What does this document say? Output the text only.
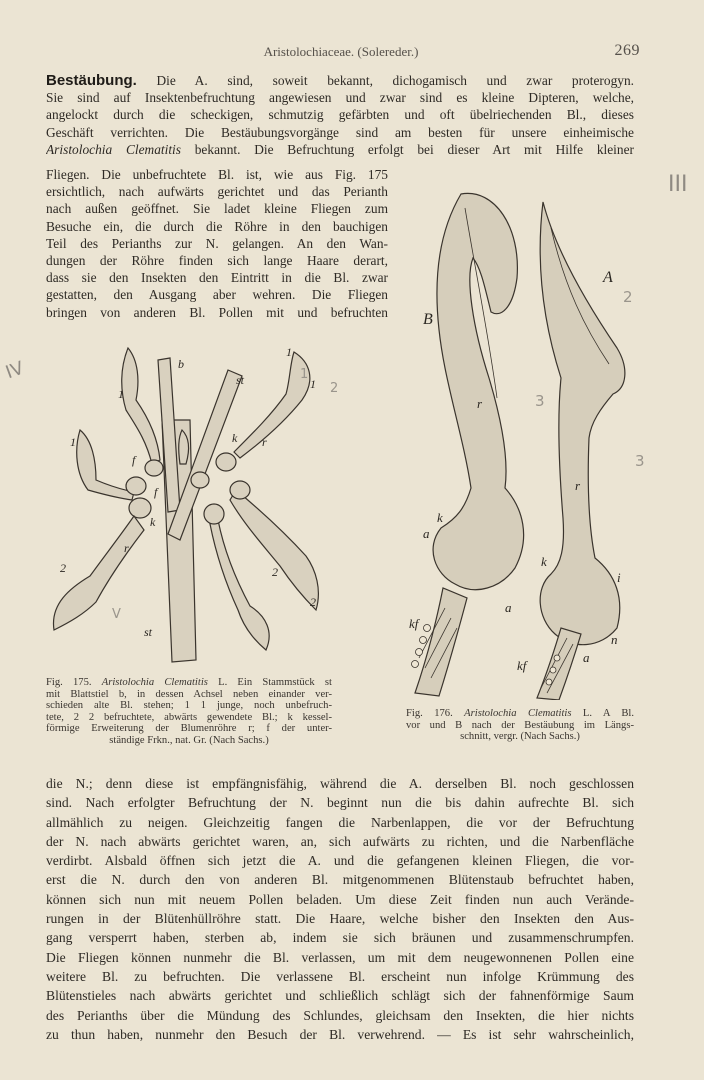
Aristolochiaceae. (Solereder.)	269
III
IV
Bestäubung. Die A. sind, soweit bekannt, dichogamisch und zwar proterogyn.
Sie sind auf Insektenbefruchtung angewiesen und zwar sind es kleine Dipteren, welche,
angelockt durch die scheckigen, schmutzig gefärbten und oft übelriechenden Bl., dieses
Geschäft verrichten. Die Bestäubungsvorgänge sind am besten für unsere einheimische
Aristolochia Clematitis bekannt. Die Befruchtung erfolgt bei dieser Art mit Hilfe kleiner
Fliegen. Die unbefruchtete Bl. ist, wie aus Fig. 175
ersichtlich, nach aufwärts gerichtet und das Perianth
nach außen geöffnet. Sie ladet kleine Fliegen zum
Besuche ein, die durch die Röhre in den bauchigen
Teil des Perianths zur N. gelangen. An den Wan-
dungen der Röhre finden sich lange Haare derart,
dass sie den Insekten den Eintritt in die Bl. zwar
gestatten, den Ausgang aber wehren. Die Fliegen
bringen von anderen Bl. Pollen mit und befruchten
b
st
st
k
k
r
r
f
f
1
1
1
1
2	2
2
1
2
V
Fig. 175. Aristolochia Clematitis L. Ein Stammstück st
mit Blattstiel b, in dessen Achsel neben einander ver-
schieden alte Bl. stehen; 1 1 junge, noch unbefruch-
tete, 2 2 befruchtete, abwärts gewendete Bl.; k kessel-
förmige Erweiterung der Blumenröhre r; f der unter-
ständige Frkn., nat. Gr. (Nach Sachs.)
A
B
r
r
k
k
a
a
a
i
n
kf
kf
2
3
3
Fig. 176. Aristolochia Clematitis L. A Bl.
vor und B nach der Bestäubung im Längs-
schnitt, vergr. (Nach Sachs.)
die N.; denn diese ist empfängnisfähig, während die A. derselben Bl. noch geschlossen
sind. Nach erfolgter Befruchtung der N. beginnt nun die bis dahin aufrechte Bl. sich
allmählich zu neigen. Gleichzeitig fangen die Narbenlappen, die vor der Befruchtung
der N. nach abwärts gerichtet waren, an, sich aufwärts zu richten, und die Narbenfläche
verdirbt. Alsbald öffnen sich jetzt die A. und die gefangenen kleinen Fliegen, die vor-
erst die N. durch den von anderen Bl. mitgenommenen Blütenstaub befruchtet haben,
können sich nun mit neuem Pollen beladen. Um diese Zeit finden nun auch Verände-
rungen in der Blütenhüllröhre statt. Die Haare, welche bisher den Insekten den Aus-
gang versperrt haben, sterben ab, indem sie sich bräunen und zusammenschrumpfen.
Die Fliegen können nunmehr die Bl. verlassen, um mit dem neugewonnenen Pollen eine
weitere Bl. zu befruchten. Die verlassene Bl. erscheint nun infolge Krümmung des
Blütenstieles nach abwärts gerichtet und schließlich schlägt sich der fahnenförmige Saum
des Perianths über die Mündung des Schlundes, gleichsam den Insekten, die hier nichts
zu thun haben, nunmehr den Besuch der Bl. verwehrend. — Es ist sehr wahrscheinlich,
